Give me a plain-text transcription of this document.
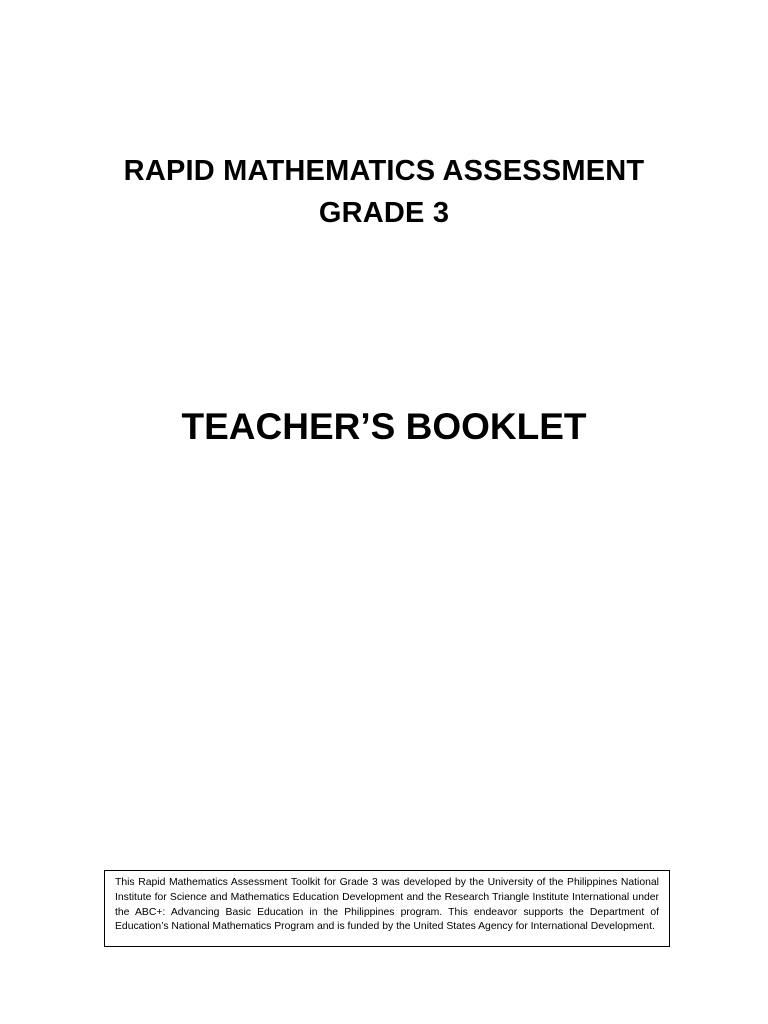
RAPID MATHEMATICS ASSESSMENT
GRADE 3
TEACHER’S BOOKLET

This Rapid Mathematics Assessment Toolkit for Grade 3 was developed by the University of the Philippines National Institute for Science and Mathematics Education Development and the Research Triangle Institute International under the ABC+: Advancing Basic Education in the Philippines program. This endeavor supports the Department of Education’s National Mathematics Program and is funded by the United States Agency for International Development.
